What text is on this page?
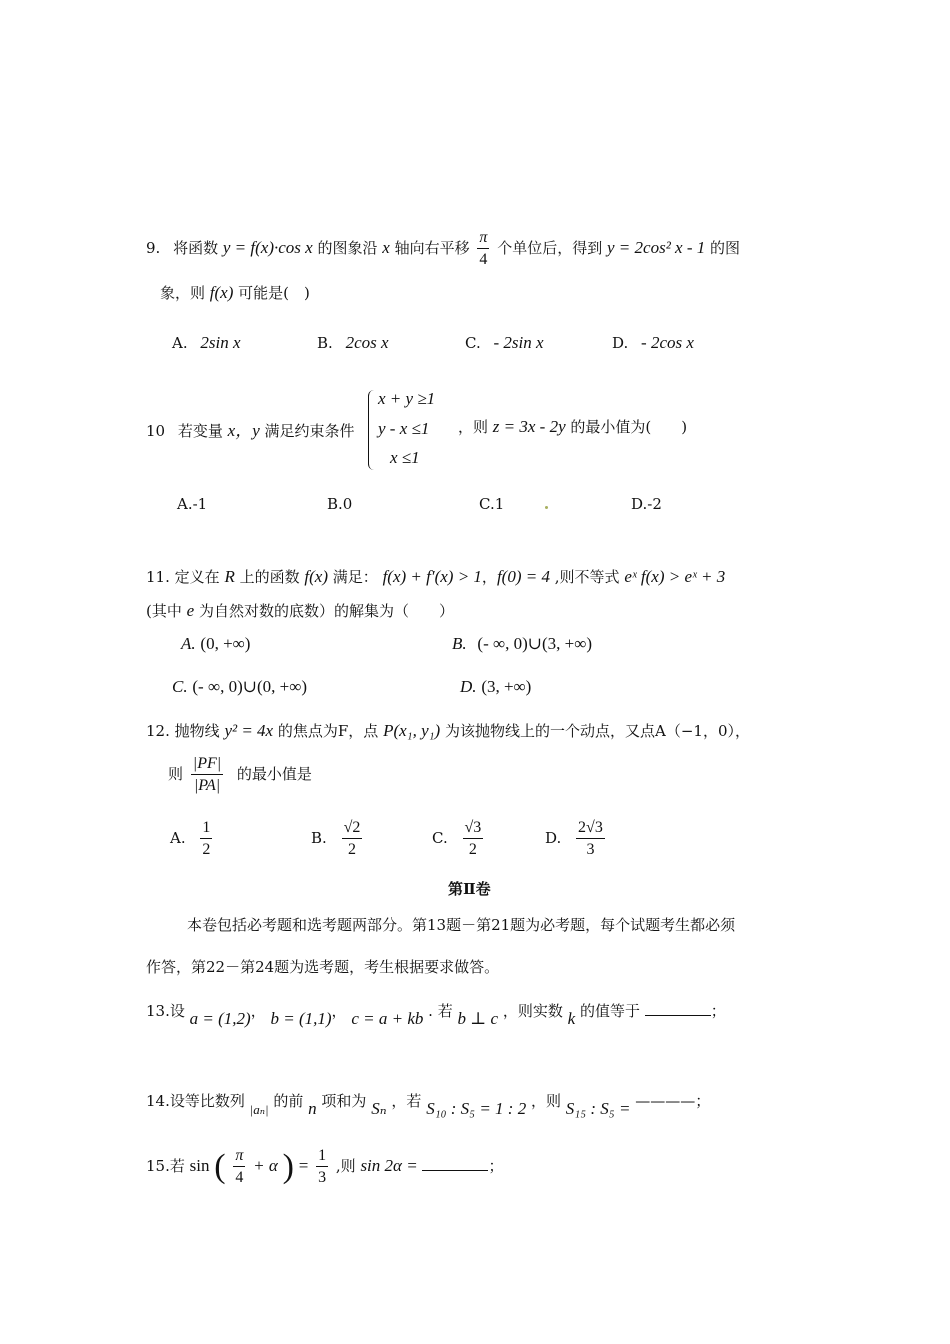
9. 将函数 y = f(x)·cos x 的图象沿 x 轴向右平移 $\frac{\pi}{4}$ 个单位后，得到 y = 2cos² x - 1 的图
象，则 f(x) 可能是(　)
A. 2sin x	B. 2cos x	C. - 2sin x	D. - 2cos x
10 若变量 x，y 满足约束条件
x + y ≥1
y - x ≤1
x ≤1
，则 z = 3x - 2y 的最小值为(　　)
A.-1	B.0	C.1	D.-2
11. 定义在 R 上的函数 f(x) 满足： f(x) + f′(x) > 1，f(0) = 4 ,则不等式 eˣ f(x) > eˣ + 3
(其中 e 为自然对数的底数）的解集为（　　）
A. (0, +∞)	B. (- ∞, 0)∪(3, +∞)
C. (- ∞, 0)∪(0, +∞)	D. (3, +∞)
12. 抛物线 y² = 4x 的焦点为F，点 P(x₁, y₁) 为该抛物线上的一个动点，又点A（−1，0），
则 $\frac{|PF|}{|PA|}$ 的最小值是
A. $\frac{1}{2}$	B. $\frac{√2}{2}$	C. $\frac{√3}{2}$	D. $\frac{2√3}{3}$
第Ⅱ卷
本卷包括必考题和选考题两部分。第13题－第21题为必考题，每个试题考生都必须
作答，第22－第24题为选考题，考生根据要求做答。
13.设 a = (1,2)， b = (1,1)， c = a + kb . 若 b ⊥ c ，则实数 k 的值等于	；
14.设等比数列 |aₙ| 的前 n 项和为 Sₙ ，若 S₁₀ : S₅ = 1 : 2 ，则 S₁₅ : S₅ = ————；
15.若 sin ( $\frac{\pi}{4} + \alpha$ ) = $\frac{1}{3}$ ,则 sin 2α =	；
